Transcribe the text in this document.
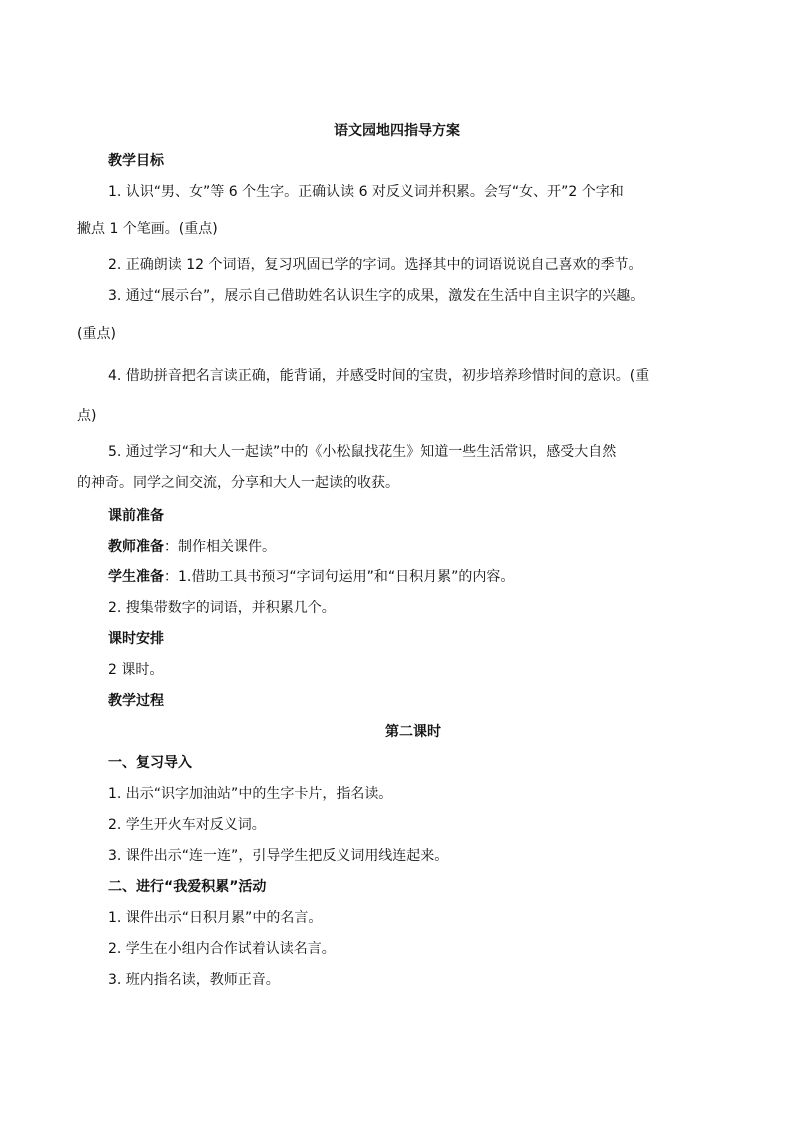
语文园地四指导方案
教学目标
1. 认识“男、女”等 6 个生字。正确认读 6 对反义词并积累。会写“女、开”2 个字和
撇点 1 个笔画。(重点)
2. 正确朗读 12 个词语，复习巩固已学的字词。选择其中的词语说说自己喜欢的季节。
3. 通过“展示台”，展示自己借助姓名认识生字的成果，激发在生活中自主识字的兴趣。
(重点)
4. 借助拼音把名言读正确，能背诵，并感受时间的宝贵，初步培养珍惜时间的意识。(重
点)
5. 通过学习“和大人一起读”中的《小松鼠找花生》知道一些生活常识，感受大自然
的神奇。同学之间交流，分享和大人一起读的收获。
课前准备
教师准备：制作相关课件。
学生准备：1.借助工具书预习“字词句运用”和“日积月累”的内容。
2. 搜集带数字的词语，并积累几个。
课时安排
2 课时。
教学过程
第二课时
一、复习导入
1. 出示“识字加油站”中的生字卡片，指名读。
2. 学生开火车对反义词。
3. 课件出示“连一连”，引导学生把反义词用线连起来。
二、进行“我爱积累”活动
1. 课件出示“日积月累”中的名言。
2. 学生在小组内合作试着认读名言。
3. 班内指名读，教师正音。
